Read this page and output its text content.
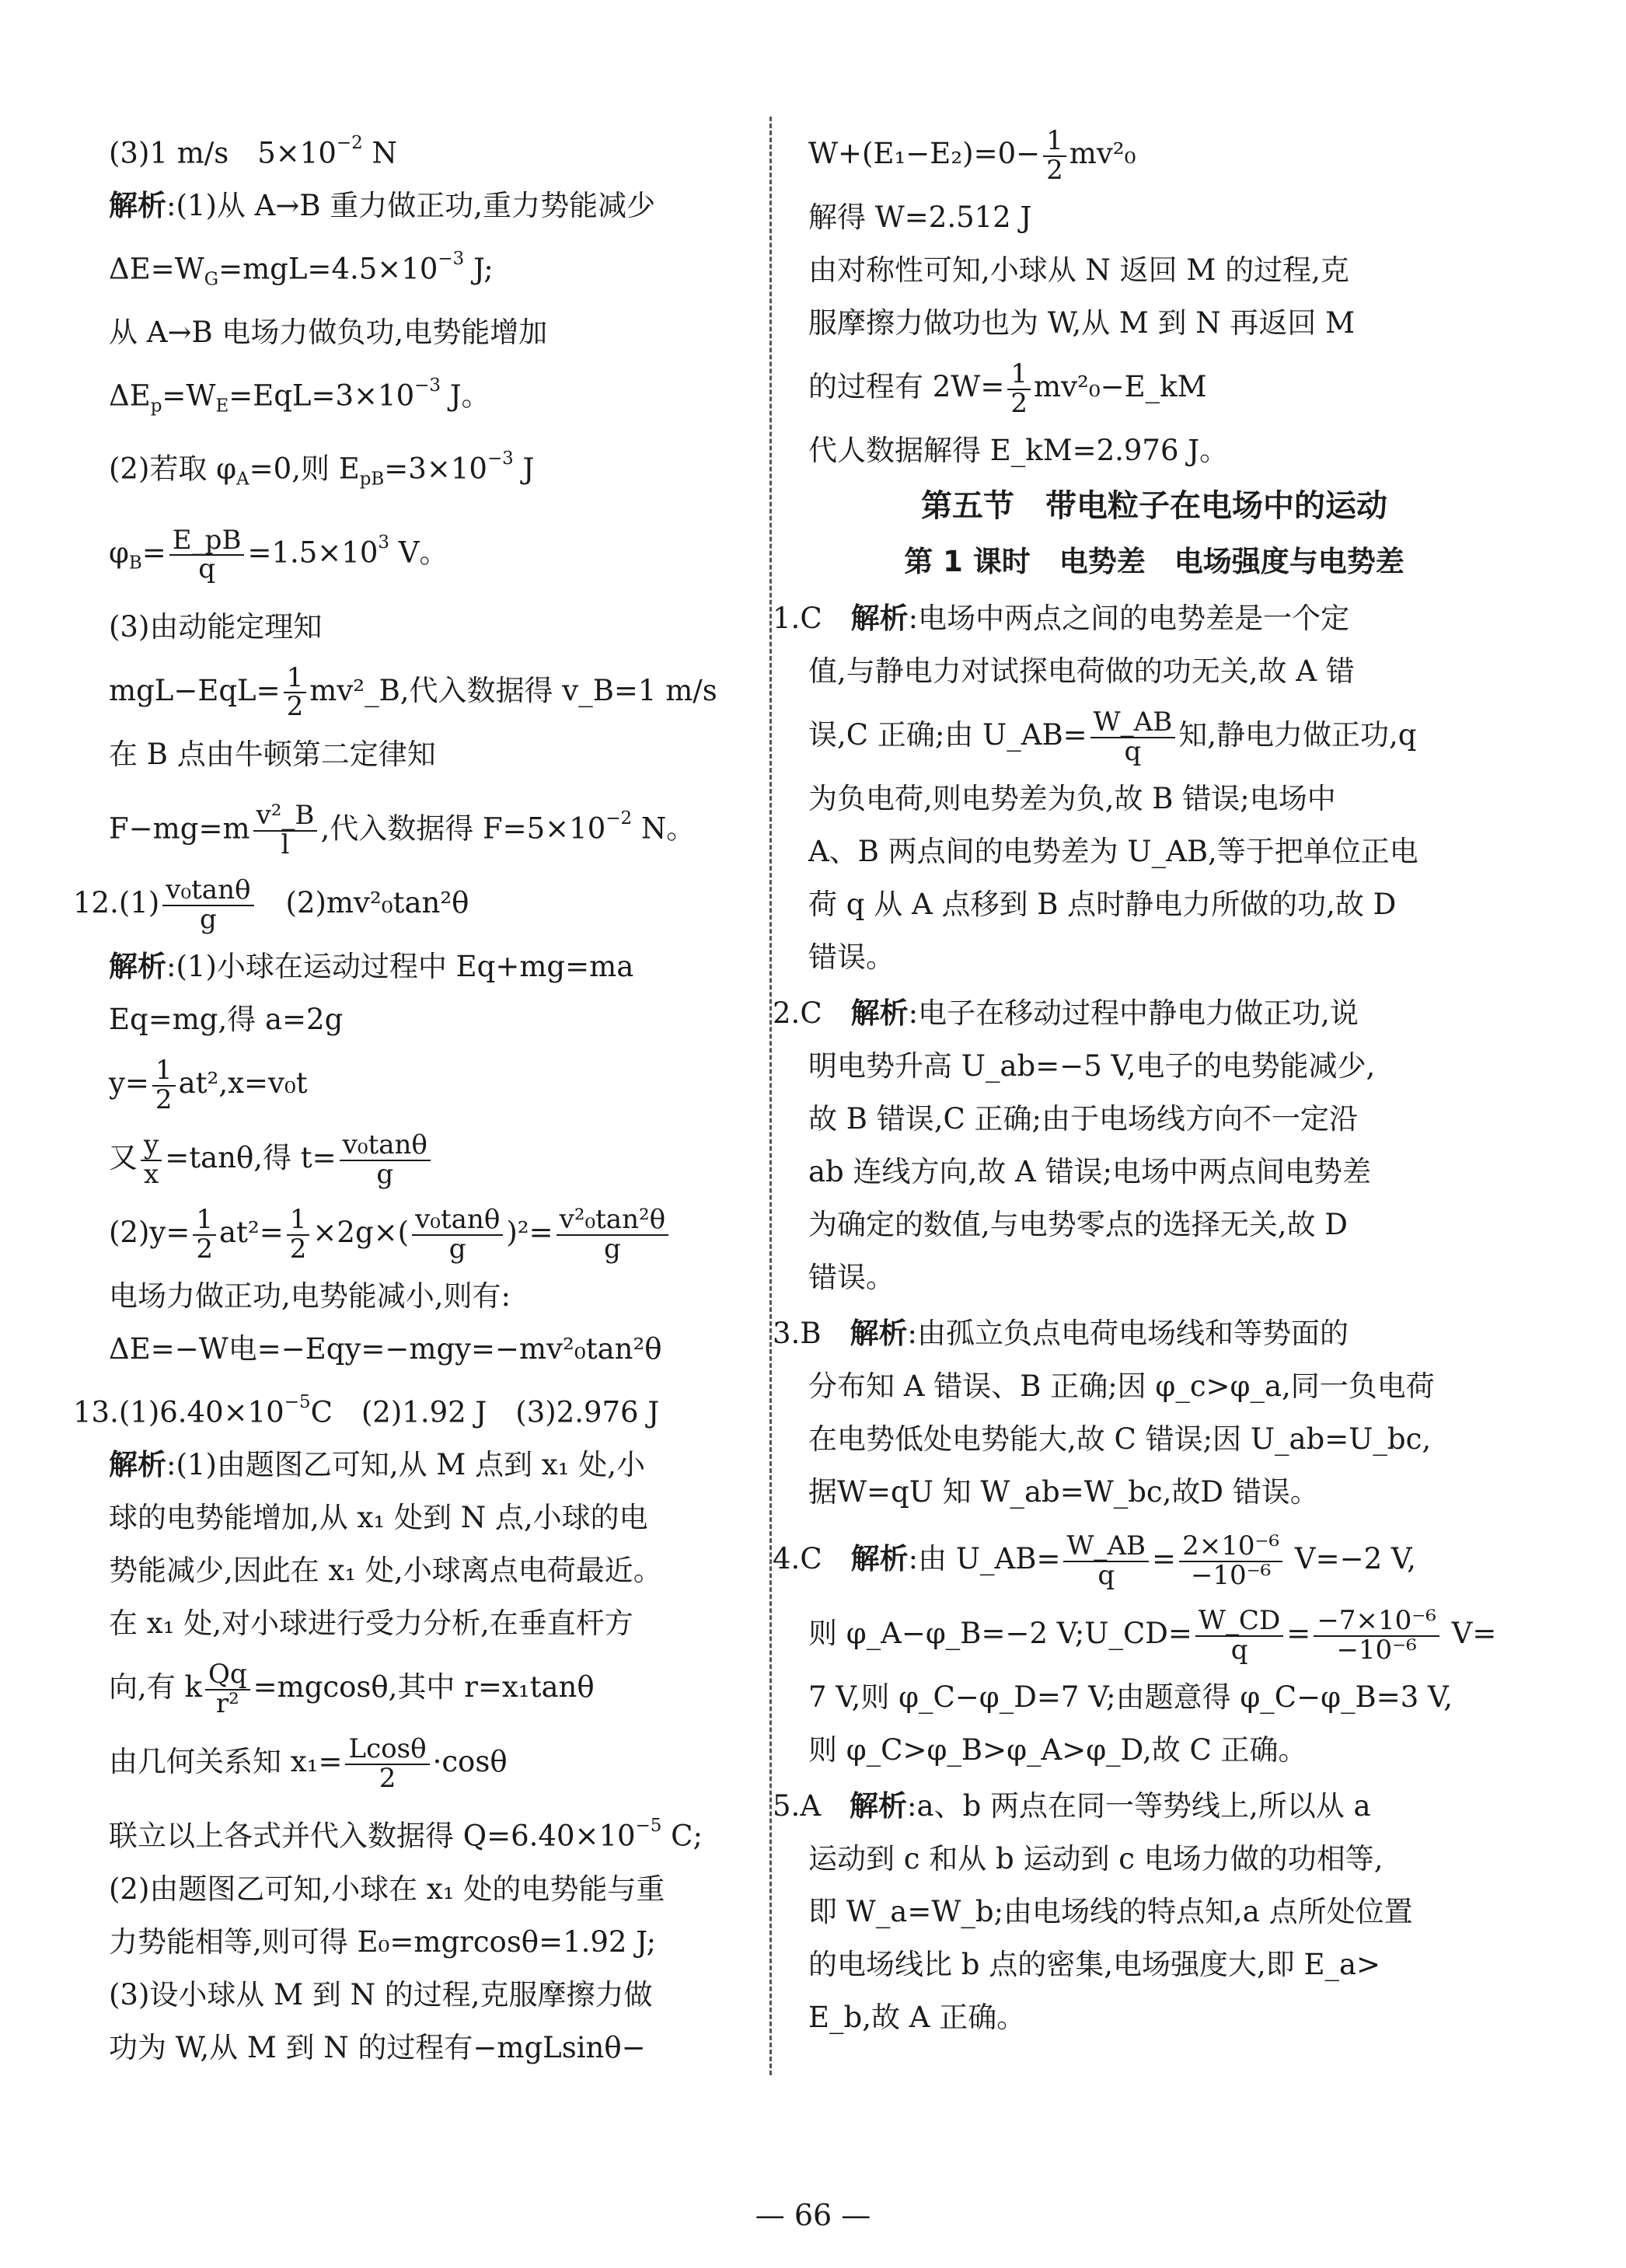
(3)1 m/s　$5\times 10^{-2}$ N
解析:(1)从 A→B 重力做正功,重力势能减少
$\Delta E=W_G=mgL=4.5\times 10^{-3}$ J;
从 A→B 电场力做负功,电势能增加
$\Delta E_p=W_E=EqL=3\times 10^{-3}$ J。
(2)若取 $\varphi_A=0$,则 $E_{pB}=3\times 10^{-3}$ J
$\varphi_B= \frac{E\_pB}{q} =1.5\times 10^3$ V。
(3)由动能定理知
$mgL-EqL= \frac{1}{2}$ mv²_B,代入数据得 v_B=1 m/s
在 B 点由牛顿第二定律知
$F-mg=m \frac{\text{v²\_B}}{l}$ ,代入数据得 $F=5\times 10^{-2}$ N。
$12.(1) \frac{\text{v₀tanθ}}{g}$ 　(2)mv²₀tan²θ
解析:(1)小球在运动过程中 Eq+mg=ma
Eq=mg,得 a=2g
$y= \frac{1}{2} at^2,x=v_0t$
又 $\frac{y}{x} =\tan\theta$,得 $t= \frac{\text{v₀tanθ}}{g}$
$(2)y= \frac{1}{2} at^2= \frac{1}{2} \times 2g\times( \frac{\text{v₀tanθ}}{g} )^2= \frac{\text{v²₀tan²θ}}{g}$
电场力做正功,电势能减小,则有:
ΔE=−W电=−Eqy=−mgy=−mv²₀tan²θ
$13.(1)6.40\times 10^{-5}C$　(2)1.92 J　(3)2.976 J
解析:(1)由题图乙可知,从 M 点到 x₁ 处,小
球的电势能增加,从 x₁ 处到 N 点,小球的电
势能减少,因此在 x₁ 处,小球离点电荷最近。
在 x₁ 处,对小球进行受力分析,在垂直杆方
向,有 k $\frac{Qq}{\text{r²}} =mgcos\theta$,其中 r=x₁tanθ
由几何关系知 $x_1= \frac{Lcos\theta}{2} \cdot\cos\theta$
联立以上各式并代入数据得 $Q=6.40\times 10^{-5}$ C;
(2)由题图乙可知,小球在 x₁ 处的电势能与重
力势能相等,则可得 E₀=mgrcosθ=1.92 J;
(3)设小球从 M 到 N 的过程,克服摩擦力做
功为 W,从 M 到 N 的过程有−mgLsinθ−
$W+(E_1-E_2)=0- \frac{1}{2} mv^2_0$
解得 W=2.512 J
由对称性可知,小球从 N 返回 M 的过程,克
服摩擦力做功也为 W,从 M 到 N 再返回 M
的过程有 $2W= \frac{1}{2}$ mv²₀−E_kM
代人数据解得 E_kM=2.976 J。
第五节　带电粒子在电场中的运动
第 1 课时　电势差　电场强度与电势差
1.C　 解析:电场中两点之间的电势差是一个定
值,与静电力对试探电荷做的功无关,故 A 错
误,C 正确;由 U_AB= $\frac{W\_AB}{q}$ 知,静电力做正功,q
为负电荷,则电势差为负,故 B 错误;电场中
A、B 两点间的电势差为 U_AB,等于把单位正电
荷 q 从 A 点移到 B 点时静电力所做的功,故 D
错误。
2.C　 解析:电子在移动过程中静电力做正功,说
明电势升高 U_ab=−5 V,电子的电势能减少,
故 B 错误,C 正确;由于电场线方向不一定沿
ab 连线方向,故 A 错误;电场中两点间电势差
为确定的数值,与电势零点的选择无关,故 D
错误。
3.B　 解析:由孤立负点电荷电场线和等势面的
分布知 A 错误、B 正确;因 φ_c>φ_a,同一负电荷
在电势低处电势能大,故 C 错误;因 U_ab=U_bc,
据W=qU 知 W_ab=W_bc,故D 错误。
4.C　 解析:由 U_AB= $\frac{W\_AB}{q} = \frac{\text{2×10⁻⁶}}{\text{−10⁻⁶}} V=-2$ V,
则 φ_A−φ_B=−2 V;U_CD= $\frac{W\_CD}{q} = \frac{\text{−7×10⁻⁶}}{\text{−10⁻⁶}} V=$
7 V,则 φ_C−φ_D=7 V;由题意得 φ_C−φ_B=3 V,
则 φ_C>φ_B>φ_A>φ_D,故 C 正确。
5.A　 解析:a、b 两点在同一等势线上,所以从 a
运动到 c 和从 b 运动到 c 电场力做的功相等,
即 W_a=W_b;由电场线的特点知,a 点所处位置
的电场线比 b 点的密集,电场强度大,即 E_a>
E_b,故 A 正确。
— 66 —
